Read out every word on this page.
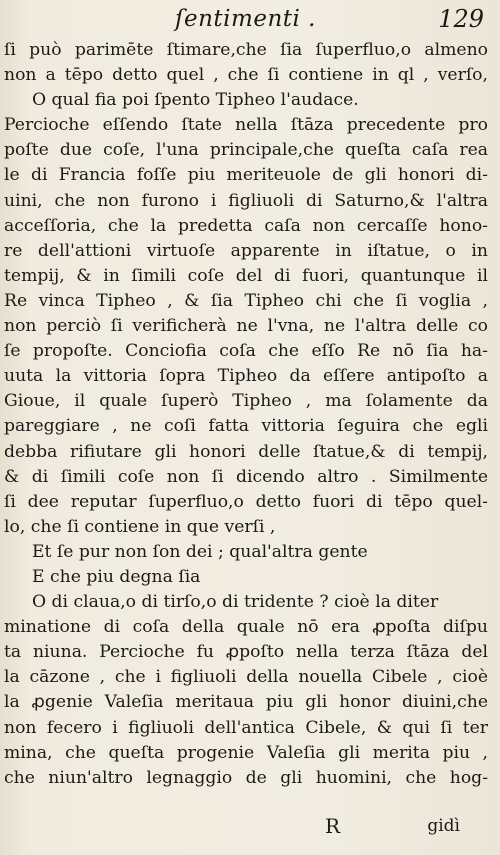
ſentimenti .	129
ſi può parimēte ſtimare,che ſia ſuperfluo,o almeno
non a tēpo detto quel , che ſi contiene in ql , verſo,
O qual fia poi ſpento Tipheo l'audace.
Percioche eſſendo ſtate nella ſtāza precedente pro
poſte due coſe, l'una principale,che queſta caſa rea
le di Francia foſſe piu meriteuole de gli honori di-
uini, che non furono i figliuoli di Saturno,& l'altra
acceſſoria, che la predetta caſa non cercaſſe hono-
re dell'attioni virtuoſe apparente in iſtatue, o in
tempij, & in ſimili coſe del di fuori, quantunque il
Re vinca Tipheo , & ſia Tipheo chi che ſi voglia ,
non perciò ſi verificherà ne l'vna, ne l'altra delle co
ſe propoſte. Conciofia coſa che eſſo Re nō ſia ha-
uuta la vittoria ſopra Tipheo da eſſere antipoſto a
Gioue, il quale ſuperò Tipheo , ma ſolamente da
pareggiare , ne coſi fatta vittoria ſeguira che egli
debba rifiutare gli honori delle ſtatue,& di tempij,
& di ſimili coſe non ſi dicendo altro . Similmente
ſi dee reputar ſuperfluo,o detto fuori di tēpo quel-
lo, che ſi contiene in que verſi ,
Et ſe pur non ſon dei ; qual'altra gente
E che piu degna ſia
O di claua,o di tirſo,o di tridente ? cioè la diter
minatione di coſa della quale nō era ꝓpoſta diſpu
ta niuna. Percioche fu ꝓpoſto nella terza ſtāza del
la cāzone , che i figliuoli della nouella Cibele , cioè
la ꝓgenie Valeſia meritaua piu gli honor diuini,che
non fecero i figliuoli dell'antica Cibele, & qui ſi ter
mina, che queſta progenie Valeſia gli merita piu ,
che niun'altro legnaggio de gli huomini, che hog-
R	gidì
